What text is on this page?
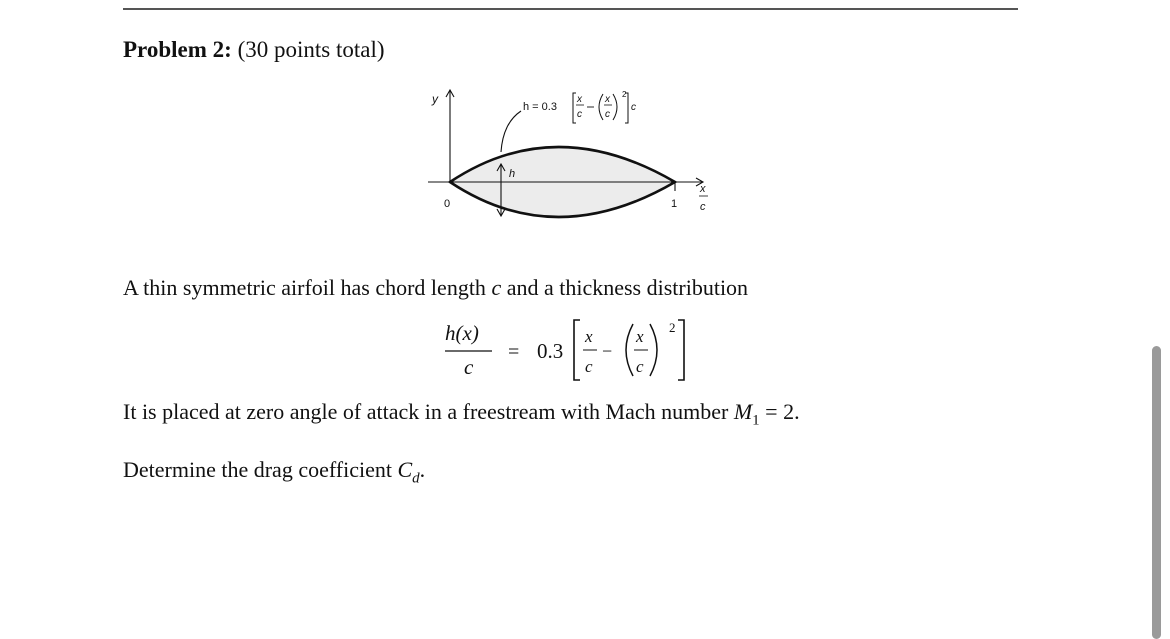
Problem 2: (30 points total)
y
0	1
x
c
h
h = 0.3
x
c
x
c
2
c
A thin symmetric airfoil has chord length c and a thickness distribution
h(x)
c
= 0.3
x
c
−
x
c
2
It is placed at zero angle of attack in a freestream with Mach number $M_1 = 2$.
Determine the drag coefficient $C_d$.
